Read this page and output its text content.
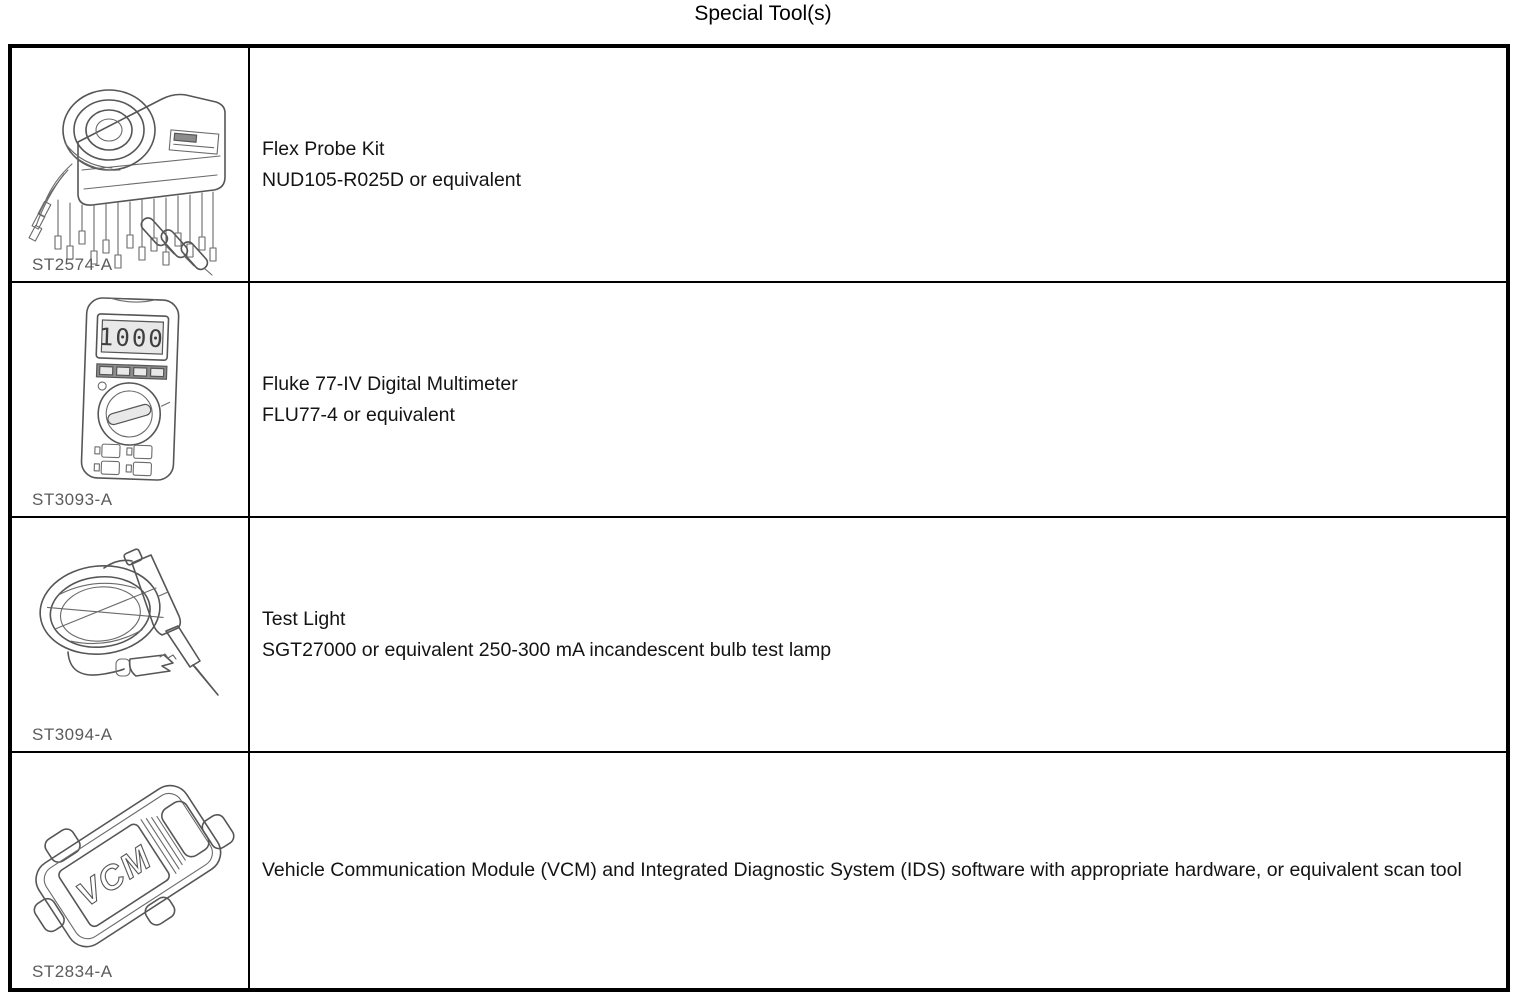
Special Tool(s)
ST2574-A
Flex Probe Kit
NUD105-R025D or equivalent
1000
ST3093-A
Fluke 77-IV Digital Multimeter
FLU77-4 or equivalent
ST3094-A
Test Light
SGT27000 or equivalent 250-300 mA incandescent bulb test lamp
VCM
ST2834-A
Vehicle Communication Module (VCM) and Integrated Diagnostic System (IDS) software with appropriate hardware, or equivalent scan tool
